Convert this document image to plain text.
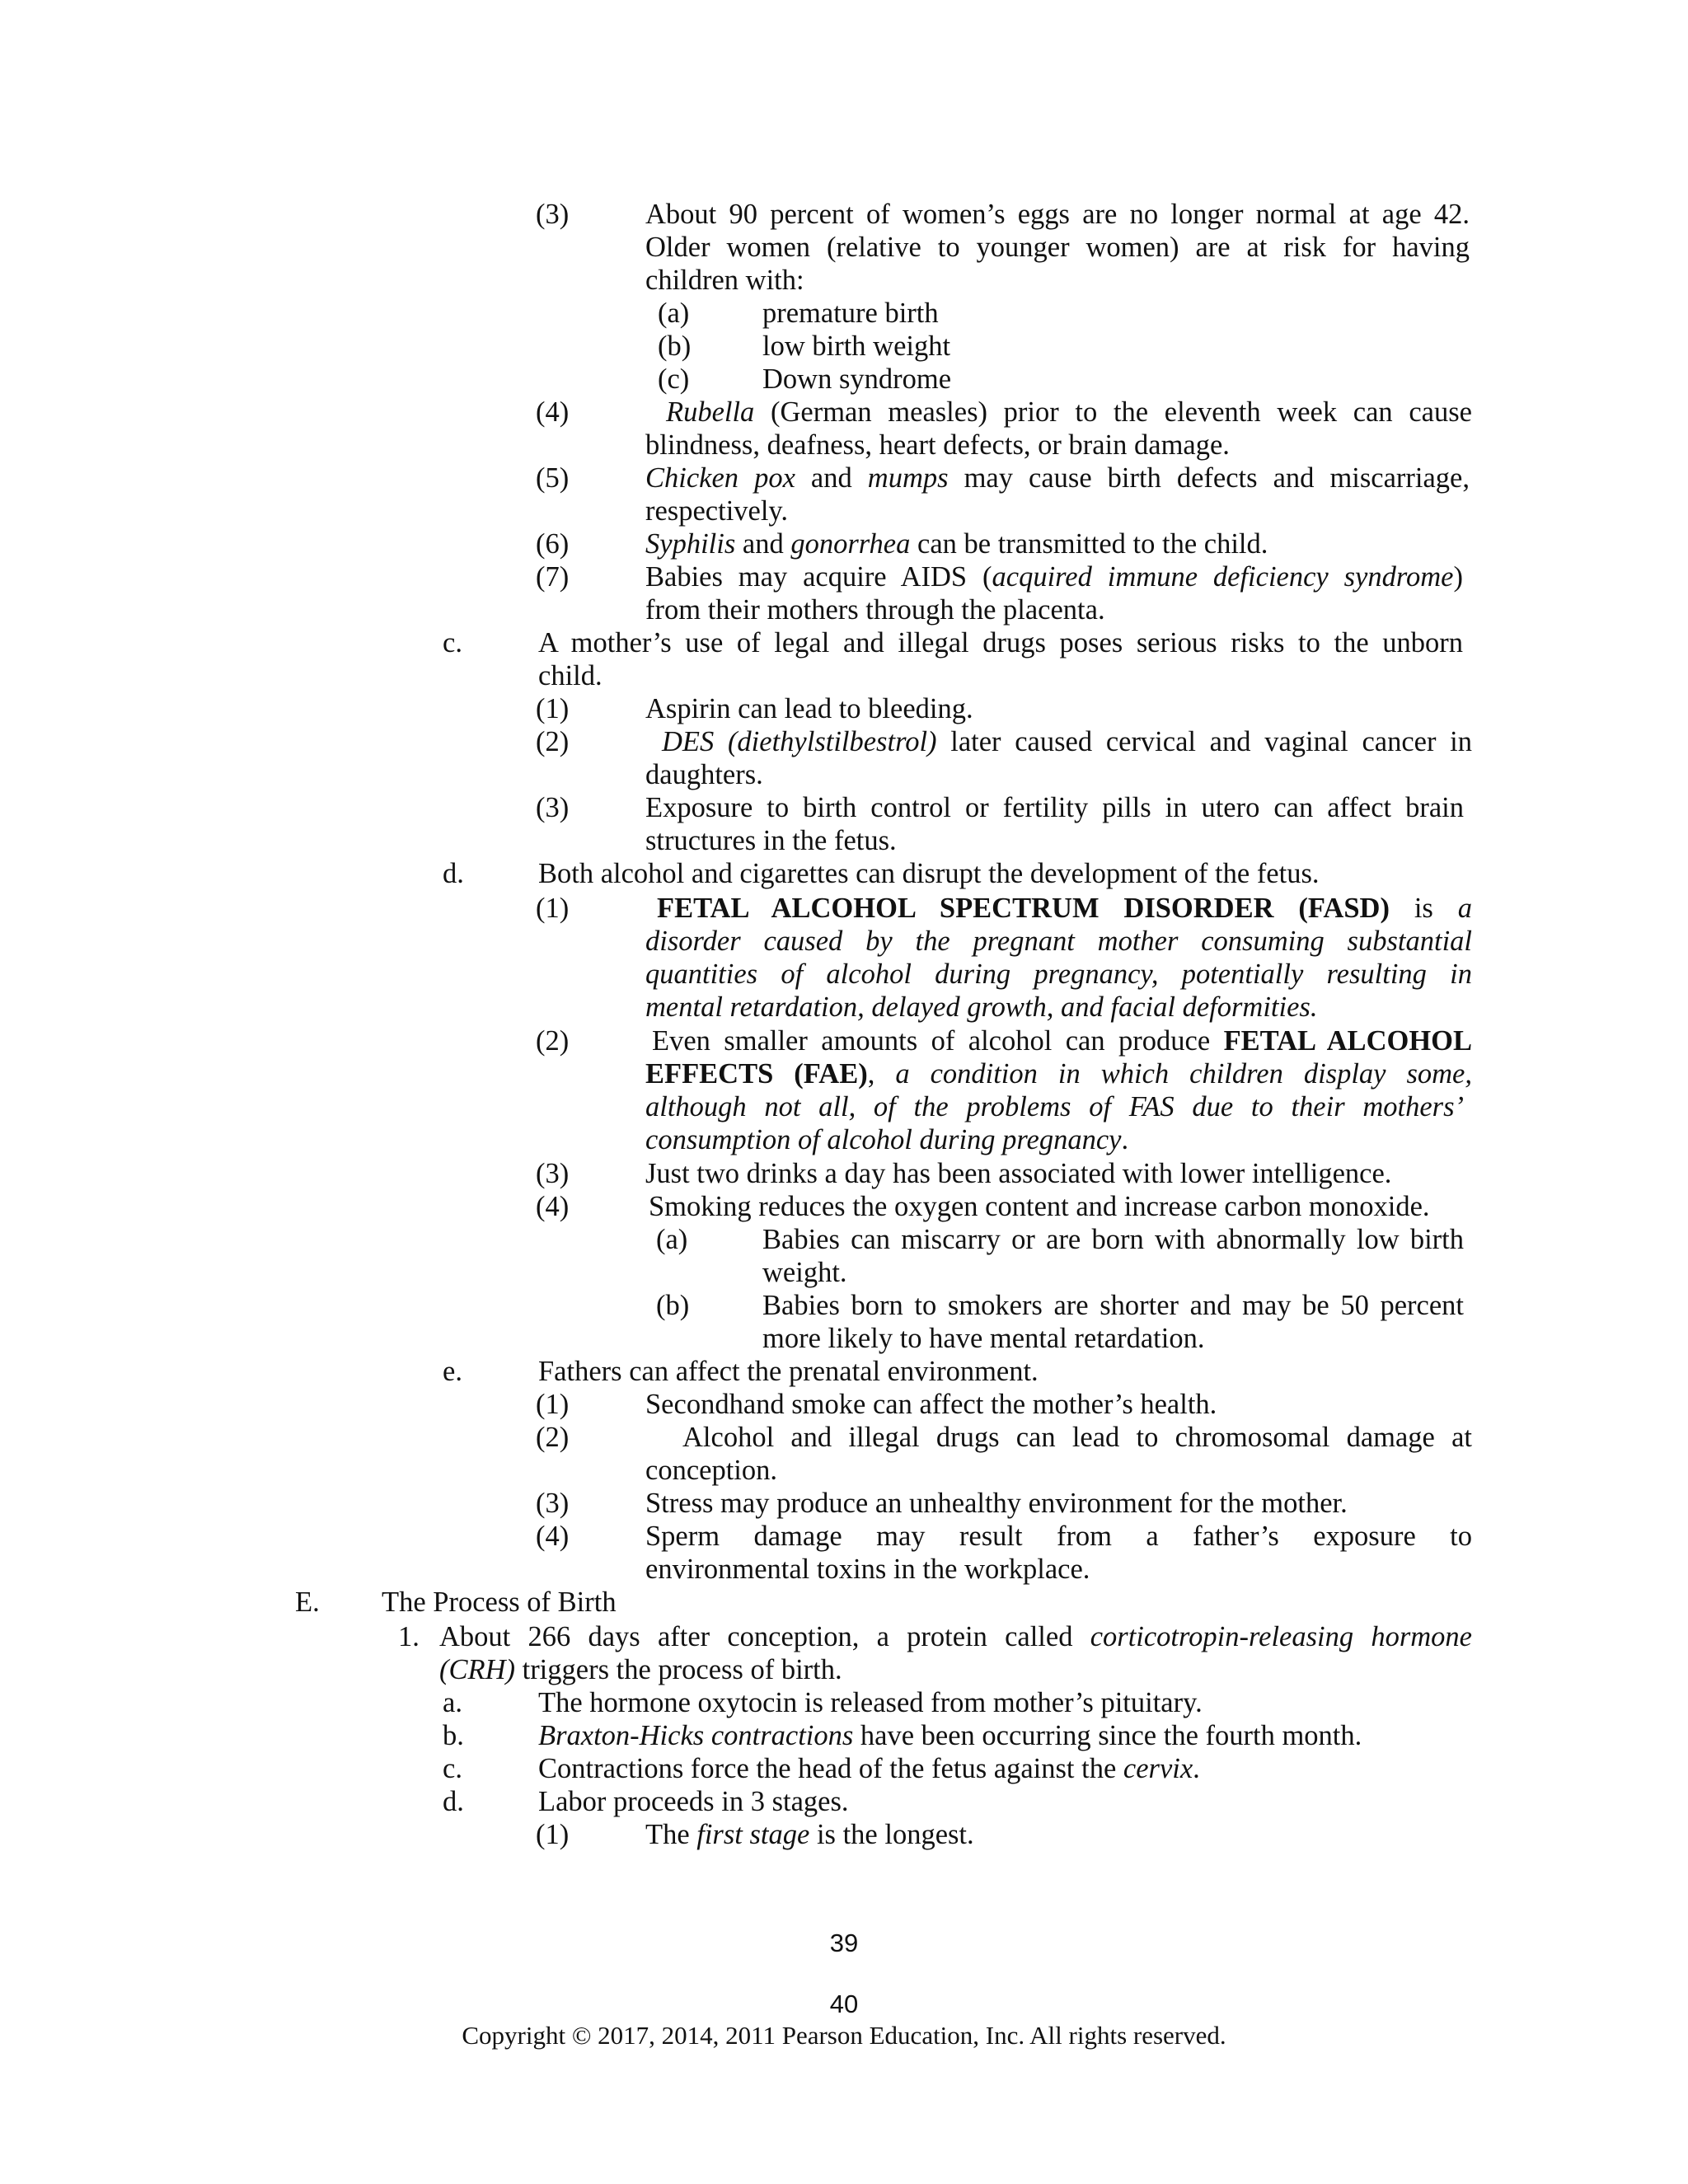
(3)	About 90 percent of women’s eggs are no longer normal at age 42.
Older women (relative to younger women) are at risk for having
children with:
(a)	premature birth
(b)	low birth weight
(c)	Down syndrome
(4)	Rubella (German measles) prior to the eleventh week can cause
blindness, deafness, heart defects, or brain damage.
(5)	Chicken pox and mumps may cause birth defects and miscarriage,
respectively.
(6)	Syphilis and gonorrhea can be transmitted to the child.
(7)	Babies may acquire AIDS (acquired immune deficiency syndrome)
from their mothers through the placenta.
c.	A mother’s use of legal and illegal drugs poses serious risks to the unborn
child.
(1)	Aspirin can lead to bleeding.
(2)	DES (diethylstilbestrol) later caused cervical and vaginal cancer in
daughters.
(3)	Exposure to birth control or fertility pills in utero can affect brain
structures in the fetus.
d.	Both alcohol and cigarettes can disrupt the development of the fetus.
(1)	FETAL ALCOHOL SPECTRUM DISORDER (FASD) is a
disorder caused by the pregnant mother consuming substantial
quantities of alcohol during pregnancy, potentially resulting in
mental retardation, delayed growth, and facial deformities.
(2)	Even smaller amounts of alcohol can produce FETAL ALCOHOL
EFFECTS (FAE), a condition in which children display some,
although not all, of the problems of FAS due to their mothers’
consumption of alcohol during pregnancy.
(3)	Just two drinks a day has been associated with lower intelligence.
(4)	Smoking reduces the oxygen content and increase carbon monoxide.
(a)	Babies can miscarry or are born with abnormally low birth
weight.
(b)	Babies born to smokers are shorter and may be 50 percent
more likely to have mental retardation.
e.	Fathers can affect the prenatal environment.
(1)	Secondhand smoke can affect the mother’s health.
(2)	Alcohol and illegal drugs can lead to chromosomal damage at
conception.
(3)	Stress may produce an unhealthy environment for the mother.
(4)	Sperm damage may result from a father’s exposure to
environmental toxins in the workplace.
E. The Process of Birth
1. About 266 days after conception, a protein called corticotropin-releasing hormone
(CRH) triggers the process of birth.
a.	The hormone oxytocin is released from mother’s pituitary.
b.	Braxton-Hicks contractions have been occurring since the fourth month.
c.	Contractions force the head of the fetus against the cervix.
d.	Labor proceeds in 3 stages.
(1)	The first stage is the longest.
39
40
Copyright © 2017, 2014, 2011 Pearson Education, Inc. All rights reserved.
